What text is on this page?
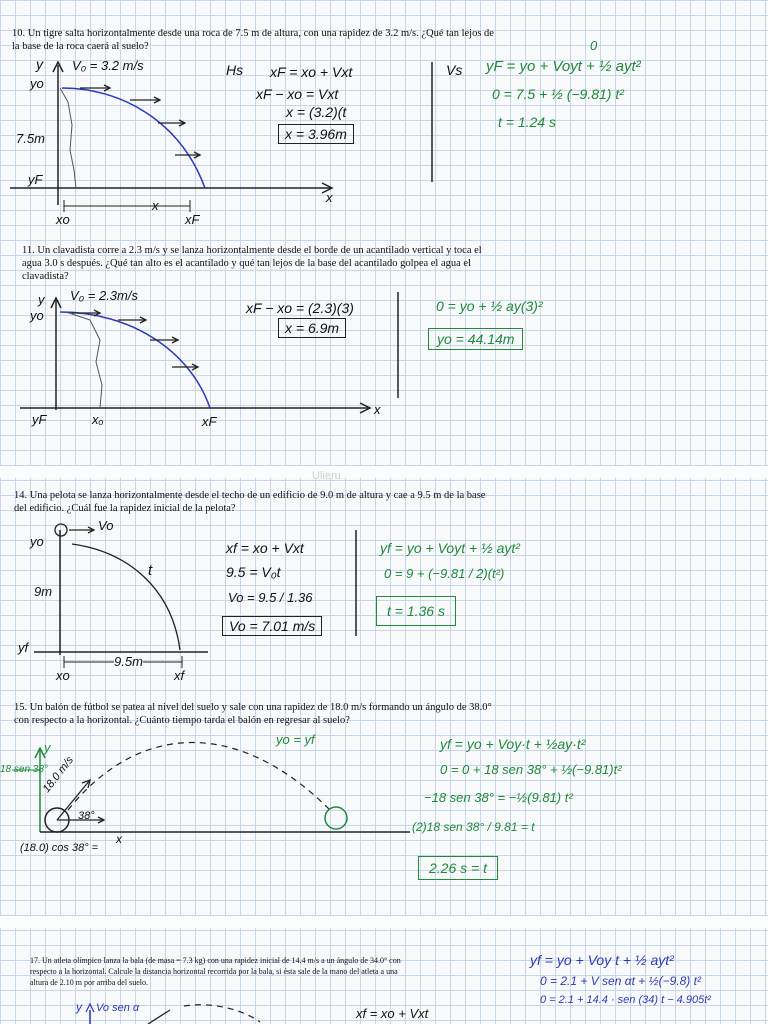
10. Un tigre salta horizontalmente desde una roca de 7.5 m de altura, con una rapidez de 3.2 m/s. ¿Qué tan lejos de la base de la roca caerá al suelo?
y V₀ = 3.2 m/s
yo
7.5m
yF
xo
x
xF
x
Hs	Vs
xF = xo + Vxt
xF − xo = Vxt
x = (3.2)(t
x = 3.96m
0
yF = yo + Voyt + ½ ayt²
0 = 7.5 + ½ (−9.81) t²
t = 1.24 s
11. Un clavadista corre a 2.3 m/s y se lanza horizontalmente desde el borde de un acantilado vertical y toca el agua 3.0 s después. ¿Qué tan alto es el acantilado y qué tan lejos de la base del acantilado golpea el agua el clavadista?
y V₀ = 2.3m/s
yo
yF	xₒ	xF
x
xF − xo = (2.3)(3)
x = 6.9m
0 = yo + ½ ay(3)²
yo = 44.14m
14. Una pelota se lanza horizontalmente desde el techo de un edificio de 9.0 m de altura y cae a 9.5 m de la base del edificio. ¿Cuál fue la rapidez inicial de la pelota?
Ulieru
yo
Vo
9m
t
yf
9.5m
xo	xf
xf = xo + Vxt
9.5 = V₀t
Vo = 9.5 / 1.36
Vo = 7.01 m/s
yf = yo + Voyt + ½ ayt²
0 = 9 + (−9.81 / 2)(t²)
t = 1.36 s
15. Un balón de fútbol se patea al nivel del suelo y sale con una rapidez de 18.0 m/s formando un ángulo de 38.0° con respecto a la horizontal. ¿Cuánto tiempo tarda el balón en regresar al suelo?
y
18 sen 38°
18.0 m/s
38°
x
(18.0) cos 38° =
yo = yf	yf = yo + Voy·t + ½ay·t²
0 = 0 + 18 sen 38° + ½(−9.81)t²
−18 sen 38° = −½(9.81) t²
(2)18 sen 38° / 9.81 = t
2.26 s = t
17. Un atleta olímpico lanza la bala (de masa = 7.3 kg) con una rapidez inicial de 14.4 m/s a un ángulo de 34.0° con respecto a la horizontal. Calcule la distancia horizontal recorrida por la bala, si ésta sale de la mano del atleta a una altura de 2.10 m por arriba del suelo.
y Vo sen α	xf = xo + Vxt
yf = yo + Voy t + ½ ayt²
0 = 2.1 + V sen αt + ½(−9.8) t²
0 = 2.1 + 14.4 · sen (34) t − 4.905t²
